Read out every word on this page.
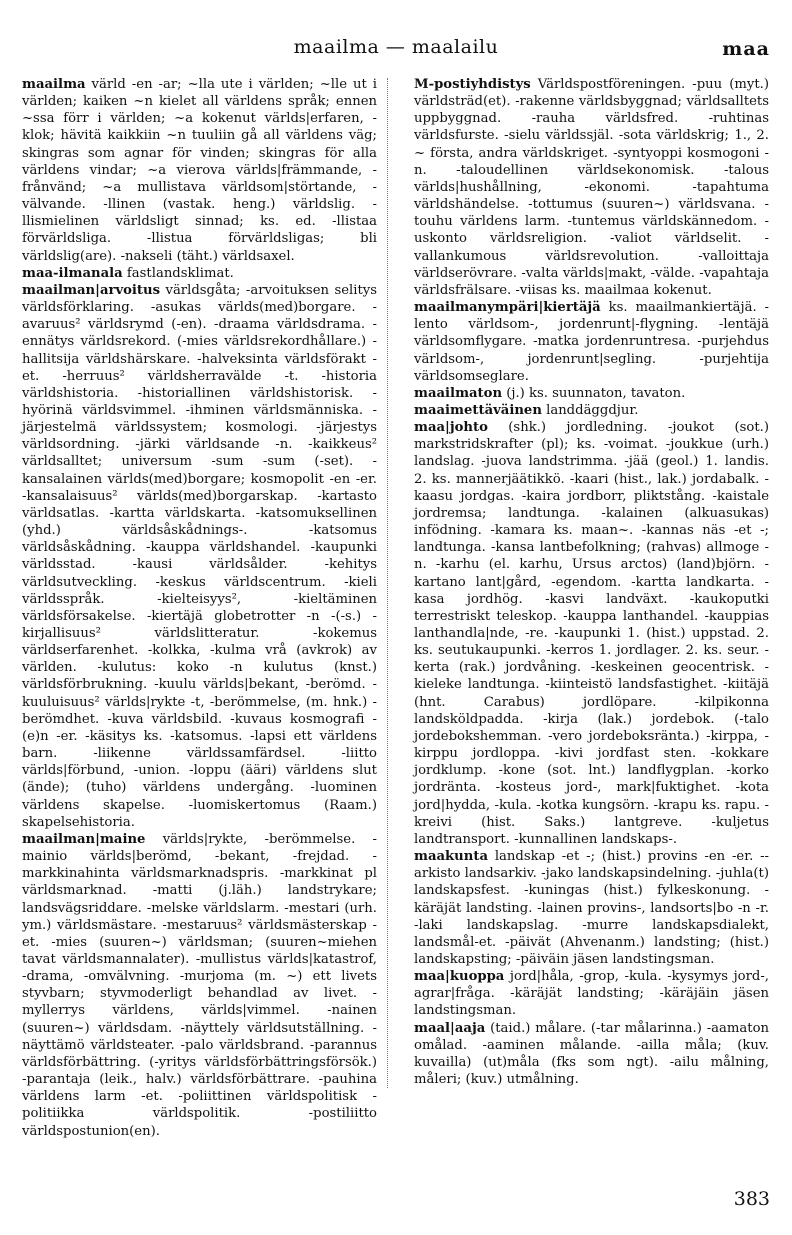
maailma — maalailu	maa

maailma värld -en -ar; ~lla ute i världen; ~lle ut i världen; kaiken ~n kielet all världens språk; ennen ~ssa förr i världen; ~a kokenut världs|erfaren, -klok; hävitä kaikkiin ~n tuuliin gå all världens väg; skingras som agnar för vinden; skingras för alla världens vindar; ~a vierova världs|främmande, -frånvänd; ~a mullistava världsom|störtande, -välvande. -llinen (vastak. heng.) världslig. -llismielinen världsligt sinnad; ks. ed. -llistaa förvärldsliga. -llistua förvärldsligas; bli världslig(are). -nakseli (täht.) världsaxel.

maa-ilmanala fastlandsklimat.

maailman|arvoitus världsgåta; -arvoituksen selitys världsförklaring. -asukas världs(med)borgare. -avaruus² världsrymd (-en). -draama världsdrama. -ennätys världsrekord. (-mies världsrekordhållare.) -hallitsija världshärskare. -halveksinta världsförakt -et. -herruus² världsherravälde -t. -historia världshistoria. -historiallinen världshistorisk. -hyörinä världsvimmel. -ihminen världsmänniska. -järjestelmä världssystem; kosmologi. -järjestys världsordning. -järki världsande -n. -kaikkeus² världsalltet; universum -sum -sum (-set). -kansalainen världs(med)borgare; kosmopolit -en -er. -kansalaisuus² världs(med)borgarskap. -kartasto världsatlas. -kartta världskarta. -katsomuksellinen (yhd.) världsåskådnings-. -katsomus världsåskådning. -kauppa världshandel. -kaupunki världsstad. -kausi världsålder. -kehitys världsutveckling. -keskus världscentrum. -kieli världsspråk. -kielteisyys², -kieltäminen världsförsakelse. -kiertäjä globetrotter -n -(-s.) -kirjallisuus² världslitteratur. -kokemus världserfarenhet. -kolkka, -kulma vrå (avkrok) av världen. -kulutus: koko -n kulutus (knst.) världsförbrukning. -kuulu världs|bekant, -berömd. -kuuluisuus² världs|rykte -t, -berömmelse, (m. hnk.) -berömdhet. -kuva världsbild. -kuvaus kosmografi -(e)n -er. -käsitys ks. -katsomus. -lapsi ett världens barn. -liikenne världssamfärdsel. -liitto världs|förbund, -union. -loppu (ääri) världens slut (ände); (tuho) världens undergång. -luominen världens skapelse. -luomiskertomus (Raam.) skapelsehistoria.

maailman|maine världs|rykte, -berömmelse. -mainio världs|berömd, -bekant, -frejdad. -markkinahinta världsmarknadspris. -markkinat pl världsmarknad. -matti (j.läh.) landstrykare; landsvägsriddare. -melske världslarm. -mestari (urh. ym.) världsmästare. -mestaruus² världsmästerskap -et. -mies (suuren~) världsman; (suuren~miehen tavat världsmannalater). -mullistus världs|katastrof, -drama, -omvälvning. -murjoma (m. ~) ett livets styvbarn; styvmoderligt behandlad av livet. -myllerrys världens, världs|vimmel. -nainen (suuren~) världsdam. -näyttely världsutställning. -näyttämö världsteater. -palo världsbrand. -parannus världsförbättring. (-yritys världsförbättringsförsök.) -parantaja (leik., halv.) världsförbättrare. -pauhina världens larm -et. -poliittinen världspolitisk -politiikka världspolitik. -postiliitto världspostunion(en).

M-postiyhdistys Världspostföreningen. -puu (myt.) världsträd(et). -rakenne världsbyggnad; världsalltets uppbyggnad. -rauha världsfred. -ruhtinas världsfurste. -sielu världssjäl. -sota världskrig; 1., 2. ~ första, andra världskriget. -syntyoppi kosmogoni -n. -taloudellinen världsekonomisk. -talous världs|hushållning, -ekonomi. -tapahtuma världshändelse. -tottumus (suuren~) världsvana. -touhu världens larm. -tuntemus världskännedom. -uskonto världsreligion. -valiot världselit. -vallankumous världsrevolution. -valloittaja världserövrare. -valta världs|makt, -välde. -vapahtaja världsfrälsare. -viisas ks. maailmaa kokenut.

maailmanympäri|kiertäjä ks. maailmankiertäjä. -lento världsom-, jordenrunt|-flygning. -lentäjä världsomflygare. -matka jordenruntresa. -purjehdus världsom-, jordenrunt|segling. -purjehtija världsomseglare.

maailmaton (j.) ks. suunnaton, tavaton.

maaimettäväinen landdäggdjur.

maa|johto (shk.) jordledning. -joukot (sot.) markstridskrafter (pl); ks. -voimat. -joukkue (urh.) landslag. -juova landstrimma. -jää (geol.) 1. landis. 2. ks. mannerjäätikkö. -kaari (hist., lak.) jordabalk. -kaasu jordgas. -kaira jordborr, pliktstång. -kaistale jordremsa; landtunga. -kalainen (alkuasukas) infödning. -kamara ks. maan~. -kannas näs -et -; landtunga. -kansa lantbefolkning; (rahvas) allmoge -n. -karhu (el. karhu, Ursus arctos) (land)björn. -kartano lant|gård, -egendom. -kartta landkarta. -kasa jordhög. -kasvi landväxt. -kaukoputki terrestriskt teleskop. -kauppa lanthandel. -kauppias lanthandla|nde, -re. -kaupunki 1. (hist.) uppstad. 2. ks. seutukaupunki. -kerros 1. jordlager. 2. ks. seur. -kerta (rak.) jordvåning. -keskeinen geocentrisk. -kieleke landtunga. -kiinteistö landsfastighet. -kiitäjä (hnt. Carabus) jordlöpare. -kilpikonna landsköldpadda. -kirja (lak.) jordebok. (-talo jordebokshemman. -vero jordeboksränta.) -kirppa, -kirppu jordloppa. -kivi jordfast sten. -kokkare jordklump. -kone (sot. lnt.) landflygplan. -korko jordränta. -kosteus jord-, mark|fuktighet. -kota jord|hydda, -kula. -kotka kungsörn. -krapu ks. rapu. -kreivi (hist. Saks.) lantgreve. -kuljetus landtransport. -kunnallinen landskaps-.

maakunta landskap -et -; (hist.) provins -en -er. --arkisto landsarkiv. -jako landskapsindelning. -juhla(t) landskapsfest. -kuningas (hist.) fylkeskonung. -käräjät landsting. -lainen provins-, landsorts|bo -n -r. -laki landskapslag. -murre landskapsdialekt, landsmål-et. -päivät (Ahvenanm.) landsting; (hist.) landskapsting; -päiväin jäsen landstingsman.

maa|kuoppa jord|håla, -grop, -kula. -kysymys jord-, agrar|fråga. -käräjät landsting; -käräjäin jäsen landstingsman.

maal|aaja (taid.) målare. (-tar målarinna.) -aamaton omålad. -aaminen målande. -ailla måla; (kuv. kuvailla) (ut)måla (fks som ngt). -ailu målning, måleri; (kuv.) utmålning.

383
